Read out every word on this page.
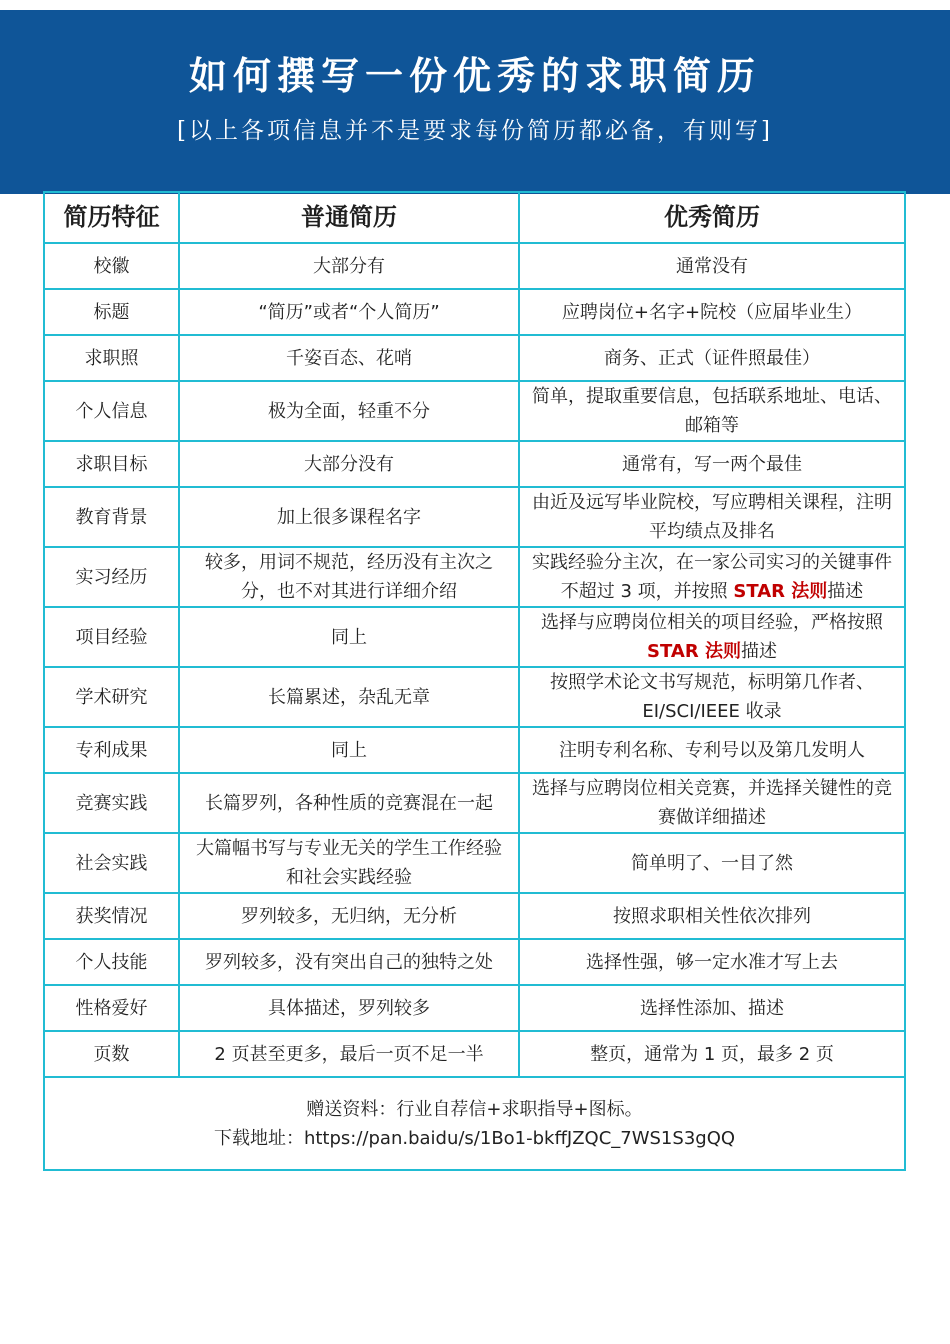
如何撰写一份优秀的求职简历
[以上各项信息并不是要求每份简历都必备，有则写]
简历特征	普通简历	优秀简历
校徽	大部分有	通常没有
标题	“简历”或者“个人简历”	应聘岗位+名字+院校（应届毕业生）
求职照	千姿百态、花哨	商务、正式（证件照最佳）
个人信息	极为全面，轻重不分	简单，提取重要信息，包括联系地址、电话、邮箱等
求职目标	大部分没有	通常有，写一两个最佳
教育背景	加上很多课程名字	由近及远写毕业院校，写应聘相关课程，注明平均绩点及排名
实习经历	较多，用词不规范，经历没有主次之分，也不对其进行详细介绍	实践经验分主次，在一家公司实习的关键事件不超过 3 项，并按照 STAR 法则描述
项目经验	同上	选择与应聘岗位相关的项目经验，严格按照 STAR 法则描述
学术研究	长篇累述，杂乱无章	按照学术论文书写规范，标明第几作者、EI/SCI/IEEE 收录
专利成果	同上	注明专利名称、专利号以及第几发明人
竞赛实践	长篇罗列，各种性质的竞赛混在一起	选择与应聘岗位相关竞赛，并选择关键性的竞赛做详细描述
社会实践	大篇幅书写与专业无关的学生工作经验和社会实践经验	简单明了、一目了然
获奖情况	罗列较多，无归纳，无分析	按照求职相关性依次排列
个人技能	罗列较多，没有突出自己的独特之处	选择性强，够一定水准才写上去
性格爱好	具体描述，罗列较多	选择性添加、描述
页数	2 页甚至更多，最后一页不足一半	整页，通常为 1 页，最多 2 页

赠送资料：行业自荐信+求职指导+图标。
下载地址：https://pan.baidu/s/1Bo1-bkffJZQC_7WS1S3gQQ		
